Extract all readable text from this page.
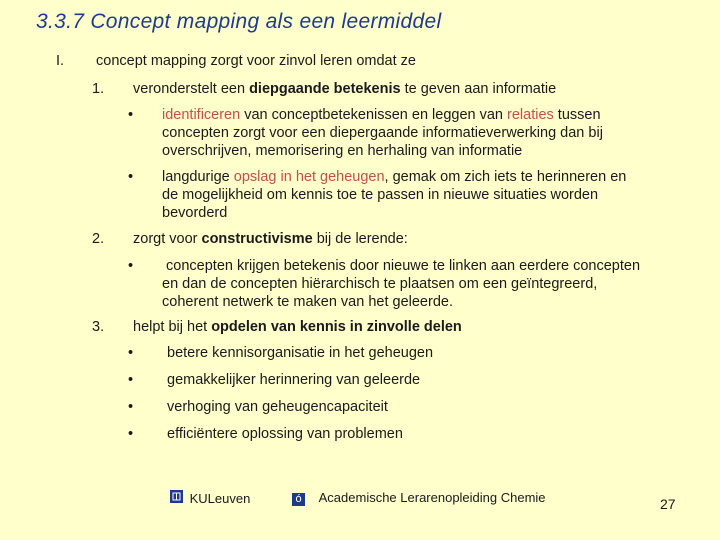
3.3.7 Concept mapping als een leermiddel
I. concept mapping zorgt voor zinvol leren omdat ze
1. veronderstelt een diepgaande betekenis te geven aan informatie
• identificeren van conceptbetekenissen en leggen van relaties tussen
concepten zorgt voor een diepergaande informatieverwerking dan bij
overschrijven, memorisering en herhaling van informatie
• langdurige opslag in het geheugen, gemak om zich iets te herinneren en
de mogelijkheid om kennis toe te passen in nieuwe situaties worden
bevorderd
2. zorgt voor constructivisme bij de lerende:
• concepten krijgen betekenis door nieuwe te linken aan eerdere concepten
en dan de concepten hiërarchisch te plaatsen om een geïntegreerd,
coherent netwerk te maken van het geleerde.
3. helpt bij het opdelen van kennis in zinvolle delen
• betere kennisorganisatie in het geheugen
• gemakkelijker herinnering van geleerde
• verhoging van geheugencapaciteit
• efficiëntere oplossing van problemen
KULeuven	ó Academische Lerarenopleiding Chemie	27
